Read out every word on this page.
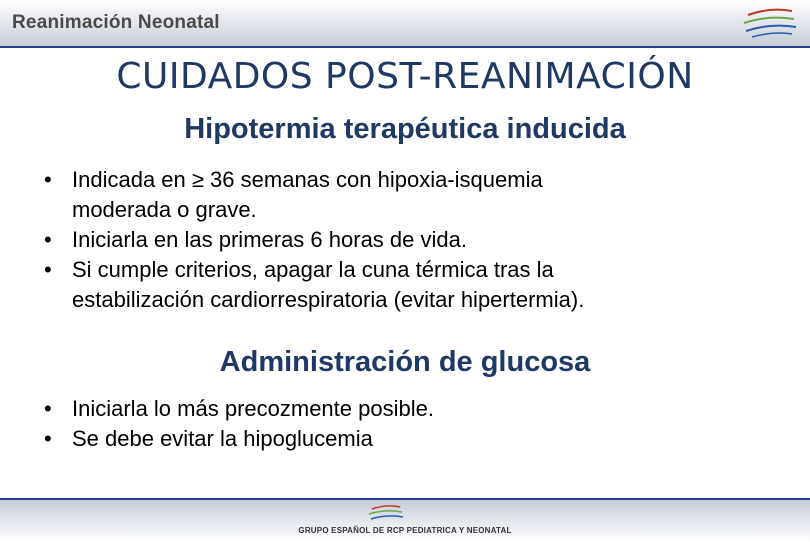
Reanimación Neonatal
CUIDADOS POST-REANIMACIÓN
Hipotermia terapéutica inducida
• Indicada en ≥ 36 semanas con hipoxia-isquemia
moderada o grave.
• Iniciarla en las primeras 6 horas de vida.
• Si cumple criterios, apagar la cuna térmica tras la
estabilización cardiorrespiratoria (evitar hipertermia).
Administración de glucosa
• Iniciarla lo más precozmente posible.
• Se debe evitar la hipoglucemia
GRUPO ESPAÑOL DE RCP PEDIATRICA Y NEONATAL
